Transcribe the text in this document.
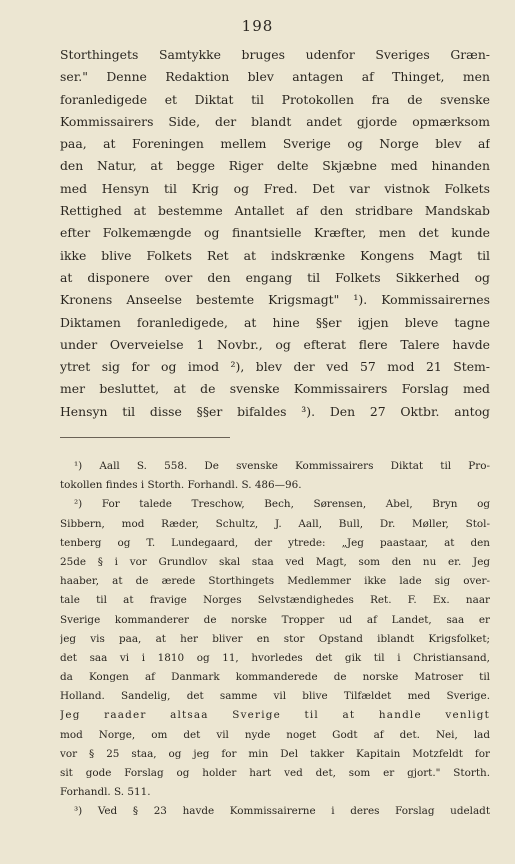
198
Storthingets Samtykke bruges udenfor Sveriges Græn-
ser." Denne Redaktion blev antagen af Thinget, men
foranledigede et Diktat til Protokollen fra de svenske
Kommissairers Side, der blandt andet gjorde opmærksom
paa, at Foreningen mellem Sverige og Norge blev af
den Natur, at begge Riger delte Skjæbne med hinanden
med Hensyn til Krig og Fred. Det var vistnok Folkets
Rettighed at bestemme Antallet af den stridbare Mandskab
efter Folkemængde og finantsielle Kræfter, men det kunde
ikke blive Folkets Ret at indskrænke Kongens Magt til
at disponere over den engang til Folkets Sikkerhed og
Kronens Anseelse bestemte Krigsmagt" ¹). Kommissairernes
Diktamen foranledigede, at hine §§er igjen bleve tagne
under Overveielse 1 Novbr., og efterat flere Talere havde
ytret sig for og imod ²), blev der ved 57 mod 21 Stem-
mer besluttet, at de svenske Kommissairers Forslag med
Hensyn til disse §§er bifaldes ³). Den 27 Oktbr. antog
¹) Aall S. 558. De svenske Kommissairers Diktat til Pro-
tokollen findes i Storth. Forhandl. S. 486—96.
²) For talede Treschow, Bech, Sørensen, Abel, Bryn og
Sibbern, mod Ræder, Schultz, J. Aall, Bull, Dr. Møller, Stol-
tenberg og T. Lundegaard, der ytrede: „Jeg paastaar, at den
25de § i vor Grundlov skal staa ved Magt, som den nu er. Jeg
haaber, at de ærede Storthingets Medlemmer ikke lade sig over-
tale til at fravige Norges Selvstændighedes Ret. F. Ex. naar
Sverige kommanderer de norske Tropper ud af Landet, saa er
jeg vis paa, at her bliver en stor Opstand iblandt Krigsfolket;
det saa vi i 1810 og 11, hvorledes det gik til i Christiansand,
da Kongen af Danmark kommanderede de norske Matroser til
Holland. Sandelig, det samme vil blive Tilfældet med Sverige.
Jeg raader altsaa Sverige til at handle venligt
mod Norge, om det vil nyde noget Godt af det. Nei, lad
vor § 25 staa, og jeg for min Del takker Kapitain Motzfeldt for
sit gode Forslag og holder hart ved det, som er gjort." Storth.
Forhandl. S. 511.
³) Ved § 23 havde Kommissairerne i deres Forslag udeladt
